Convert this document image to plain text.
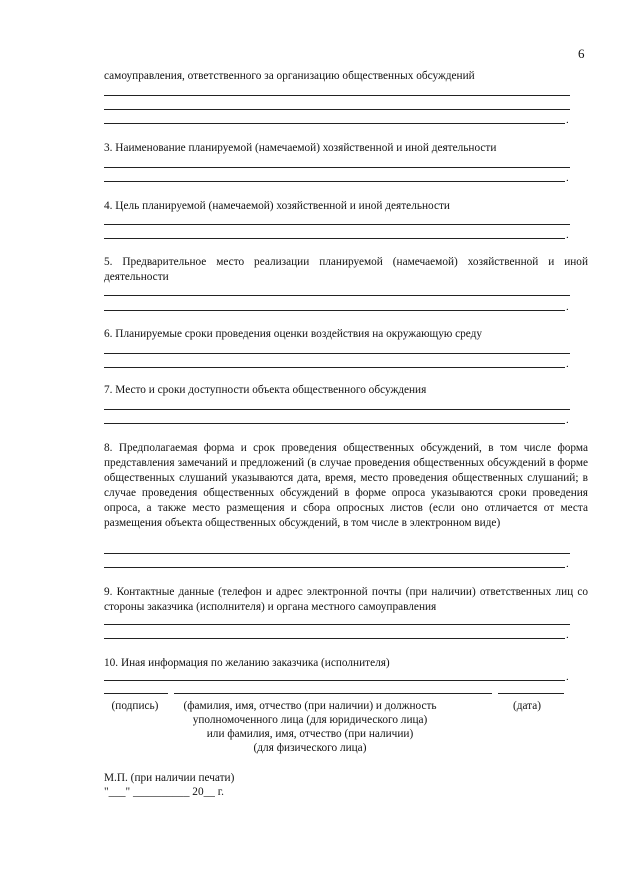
6
самоуправления, ответственного за организацию общественных обсуждений
.
3. Наименование планируемой (намечаемой) хозяйственной и иной деятельности
.
4. Цель планируемой (намечаемой) хозяйственной и иной деятельности
.
5. Предварительное место реализации планируемой (намечаемой) хозяйственной и иной деятельности
.
6. Планируемые сроки проведения оценки воздействия на окружающую среду
.
7. Место и сроки доступности объекта общественного обсуждения
.
8. Предполагаемая форма и срок проведения общественных обсуждений, в том числе форма представления замечаний и предложений (в случае проведения общественных обсуждений в форме общественных слушаний указываются дата, время, место проведения общественных слушаний; в случае проведения общественных обсуждений в форме опроса указываются сроки проведения опроса, а также место размещения и сбора опросных листов (если оно отличается от места размещения объекта общественных обсуждений, в том числе в электронном виде)
.
9. Контактные данные (телефон и адрес электронной почты (при наличии) ответственных лиц со стороны заказчика (исполнителя) и органа местного самоуправления
.
10. Иная информация по желанию заказчика (исполнителя)
.
(подпись)	(фамилия, имя, отчество (при наличии) и должность
уполномоченного лица (для юридического лица)
или фамилия, имя, отчество (при наличии)
(для физического лица)
(дата)
М.П. (при наличии печати)
"___" __________ 20__ г.
